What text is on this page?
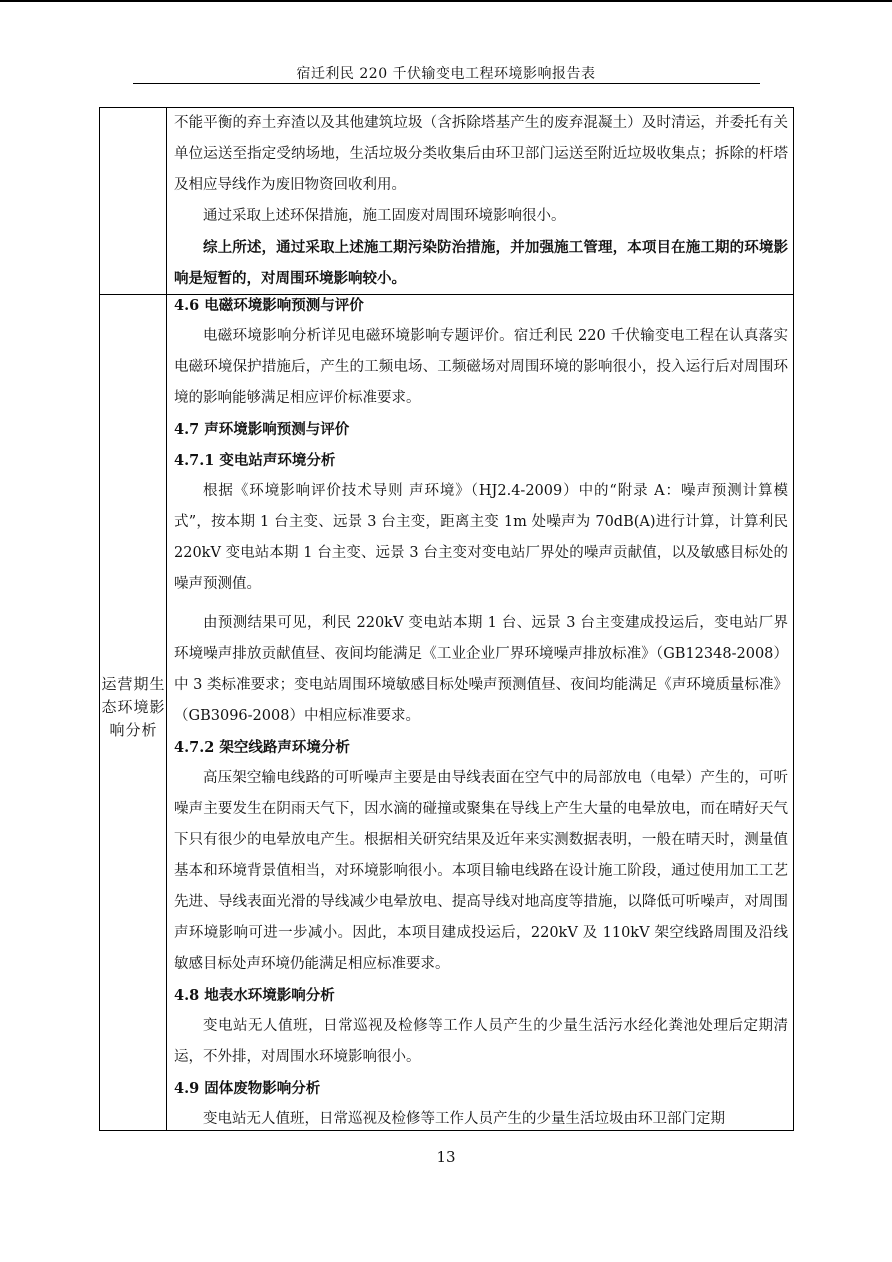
宿迁利民 220 千伏输变电工程环境影响报告表
运营期生态环境影响分析

不能平衡的弃土弃渣以及其他建筑垃圾（含拆除塔基产生的废弃混凝土）及时清运，并委托有关单位运送至指定受纳场地，生活垃圾分类收集后由环卫部门运送至附近垃圾收集点；拆除的杆塔及相应导线作为废旧物资回收利用。

通过采取上述环保措施，施工固废对周围环境影响很小。

综上所述，通过采取上述施工期污染防治措施，并加强施工管理，本项目在施工期的环境影响是短暂的，对周围环境影响较小。

4.6 电磁环境影响预测与评价

电磁环境影响分析详见电磁环境影响专题评价。宿迁利民 220 千伏输变电工程在认真落实电磁环境保护措施后，产生的工频电场、工频磁场对周围环境的影响很小，投入运行后对周围环境的影响能够满足相应评价标准要求。

4.7 声环境影响预测与评价

4.7.1 变电站声环境分析

根据《环境影响评价技术导则 声环境》（HJ2.4-2009）中的“附录 A：噪声预测计算模式”，按本期 1 台主变、远景 3 台主变，距离主变 1m 处噪声为 70dB(A)进行计算，计算利民 220kV 变电站本期 1 台主变、远景 3 台主变对变电站厂界处的噪声贡献值，以及敏感目标处的噪声预测值。

由预测结果可见，利民 220kV 变电站本期 1 台、远景 3 台主变建成投运后，变电站厂界环境噪声排放贡献值昼、夜间均能满足《工业企业厂界环境噪声排放标准》（GB12348-2008）中 3 类标准要求；变电站周围环境敏感目标处噪声预测值昼、夜间均能满足《声环境质量标准》（GB3096-2008）中相应标准要求。

4.7.2 架空线路声环境分析

高压架空输电线路的可听噪声主要是由导线表面在空气中的局部放电（电晕）产生的，可听噪声主要发生在阴雨天气下，因水滴的碰撞或聚集在导线上产生大量的电晕放电，而在晴好天气下只有很少的电晕放电产生。根据相关研究结果及近年来实测数据表明，一般在晴天时，测量值基本和环境背景值相当，对环境影响很小。本项目输电线路在设计施工阶段，通过使用加工工艺先进、导线表面光滑的导线减少电晕放电、提高导线对地高度等措施，以降低可听噪声，对周围声环境影响可进一步减小。因此，本项目建成投运后，220kV 及 110kV 架空线路周围及沿线敏感目标处声环境仍能满足相应标准要求。

4.8 地表水环境影响分析

变电站无人值班，日常巡视及检修等工作人员产生的少量生活污水经化粪池处理后定期清运，不外排，对周围水环境影响很小。

4.9 固体废物影响分析

变电站无人值班，日常巡视及检修等工作人员产生的少量生活垃圾由环卫部门定期

13
